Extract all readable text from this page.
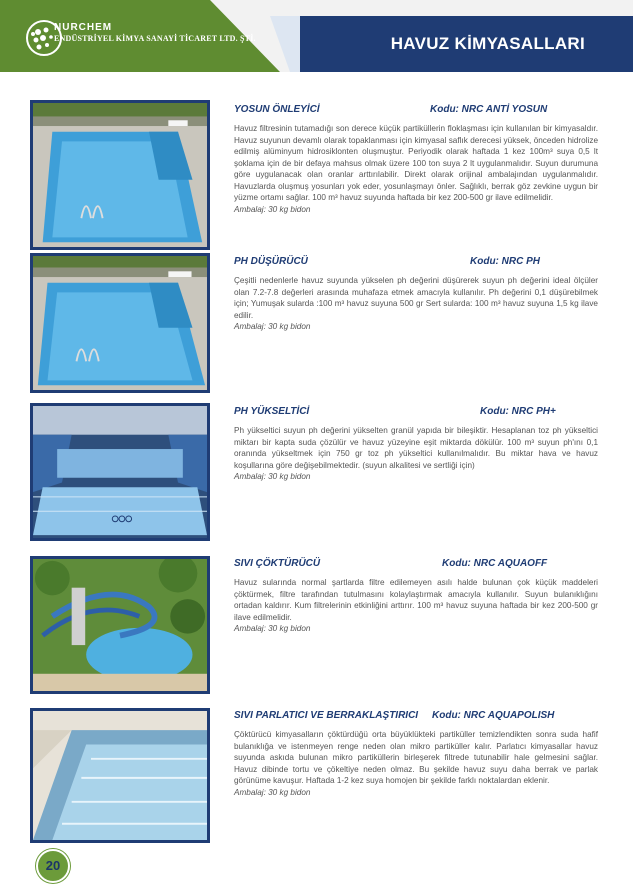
NURCHEM
ENDÜSTRİYEL KİMYA SANAYİ TİCARET LTD. ŞTİ.	HAVUZ KİMYASALLARI
YOSUN ÖNLEYİCİ	Kodu: NRC ANTİ YOSUN
Havuz filtresinin tutamadığı son derece küçük partiküllerin floklaşması için kullanılan bir kimyasaldır. Havuz suyunun devamlı olarak topaklanması için kimyasal saflık derecesi yüksek, önceden hidrolize edilmiş alüminyum hidrosiklonten oluşmuştur. Periyodik olarak haftada 1 kez 100m³ suya 0,5 lt şoklama için de bir defaya mahsus olmak üzere 100 ton suya 2 lt uygulanmalıdır. Suyun durumuna göre uygulanacak olan oranlar arttırılabilir. Direkt olarak orijinal ambalajından uygulanmalıdır. Havuzlarda oluşmuş yosunları yok eder, yosunlaşmayı önler. Sağlıklı, berrak göz zevkine uygun bir yüzme ortamı sağlar. 100 m³ havuz suyunda haftada bir kez 200-500 gr ilave edilmelidir.
Ambalaj: 30 kg bidon
PH DÜŞÜRÜCÜ	Kodu: NRC PH
Çeşitli nedenlerle havuz suyunda yükselen ph değerini düşürerek suyun ph değerini ideal ölçüler olan 7.2-7.8 değerleri arasında muhafaza etmek amacıyla kullanılır. Ph değerini 0,1 düşürebilmek için; Yumuşak sularda :100 m³ havuz suyuna 500 gr Sert sularda: 100 m³ havuz suyuna 1,5 kg ilave edilir.
Ambalaj: 30 kg bidon
PH YÜKSELTİCİ	Kodu: NRC PH+
Ph yükseltici suyun ph değerini yükselten granül yapıda bir bileşiktir. Hesaplanan toz ph yükseltici miktarı bir kapta suda çözülür ve havuz yüzeyine eşit miktarda dökülür. 100 m³ suyun ph'ını 0,1 oranında yükseltmek için 750 gr toz ph yükseltici kullanılmalıdır. Bu miktar hava ve havuz koşullarına göre değişebilmektedir. (suyun alkalitesi ve sertliği için)
Ambalaj: 30 kg bidon
SIVI ÇÖKTÜRÜCÜ	Kodu: NRC AQUAOFF
Havuz sularında normal şartlarda filtre edilemeyen asılı halde bulunan çok küçük maddeleri çöktürmek, filtre tarafından tutulmasını kolaylaştırmak amacıyla kullanılır. Suyun bulanıklığını ortadan kaldırır. Kum filtrelerinin etkinliğini arttırır. 100 m³ havuz suyuna haftada bir kez 200-500 gr ilave edilmelidir.
Ambalaj: 30 kg bidon
SIVI PARLATICI VE BERRAKLAŞTIRICI Kodu: NRC AQUAPOLISH
Çöktürücü kimyasalların çöktürdüğü orta büyüklükteki partiküller temizlendikten sonra suda hafif bulanıklığa ve istenmeyen renge neden olan mikro partiküller kalır. Parlatıcı kimyasallar havuz suyunda askıda bulunan mikro partiküllerin birleşerek filtrede tutunabilir hale gelmesini sağlar. Havuz dibinde tortu ve çökeltiye neden olmaz. Bu şekilde havuz suyu daha berrak ve parlak görünüme kavuşur. Haftada 1-2 kez suya homojen bir şekilde farklı noktalardan eklenir.
Ambalaj: 30 kg bidon
20
